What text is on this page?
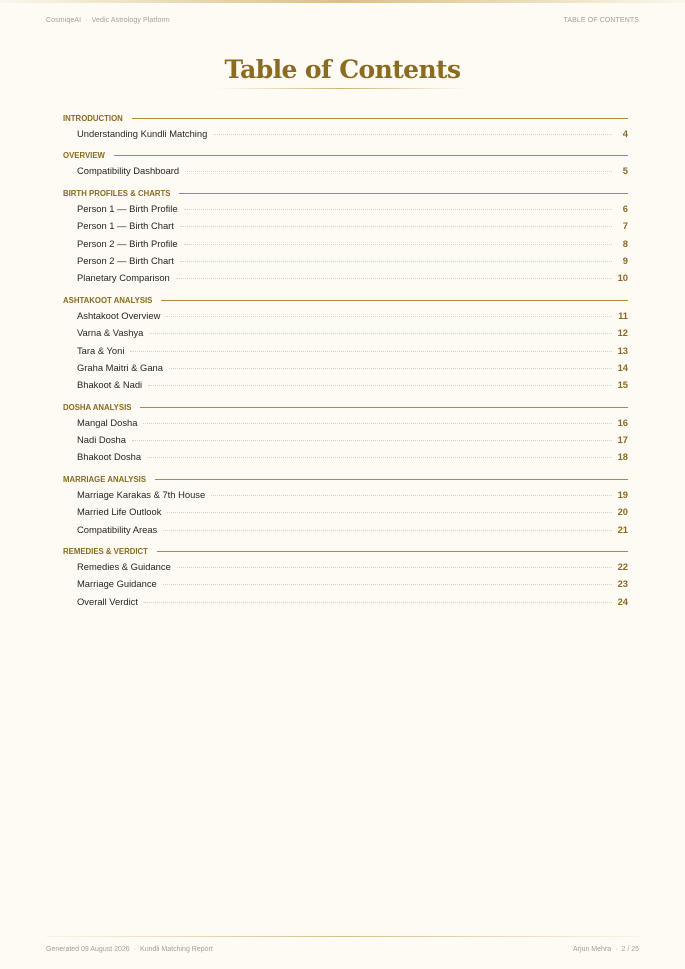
CosmiqeAI · Vedic Astrology Platform	TABLE OF CONTENTS
Table of Contents
INTRODUCTION
Understanding Kundli Matching	4
OVERVIEW
Compatibility Dashboard	5
BIRTH PROFILES & CHARTS
Person 1 — Birth Profile	6
Person 1 — Birth Chart	7
Person 2 — Birth Profile	8
Person 2 — Birth Chart	9
Planetary Comparison	10
ASHTAKOOT ANALYSIS
Ashtakoot Overview	11
Varna & Vashya	12
Tara & Yoni	13
Graha Maitri & Gana	14
Bhakoot & Nadi	15
DOSHA ANALYSIS
Mangal Dosha	16
Nadi Dosha	17
Bhakoot Dosha	18
MARRIAGE ANALYSIS
Marriage Karakas & 7th House	19
Married Life Outlook	20
Compatibility Areas	21
REMEDIES & VERDICT
Remedies & Guidance	22
Marriage Guidance	23
Overall Verdict	24
Generated 09 August 2026 · Kundli Matching Report	Arjun Mehra · 2 / 25
